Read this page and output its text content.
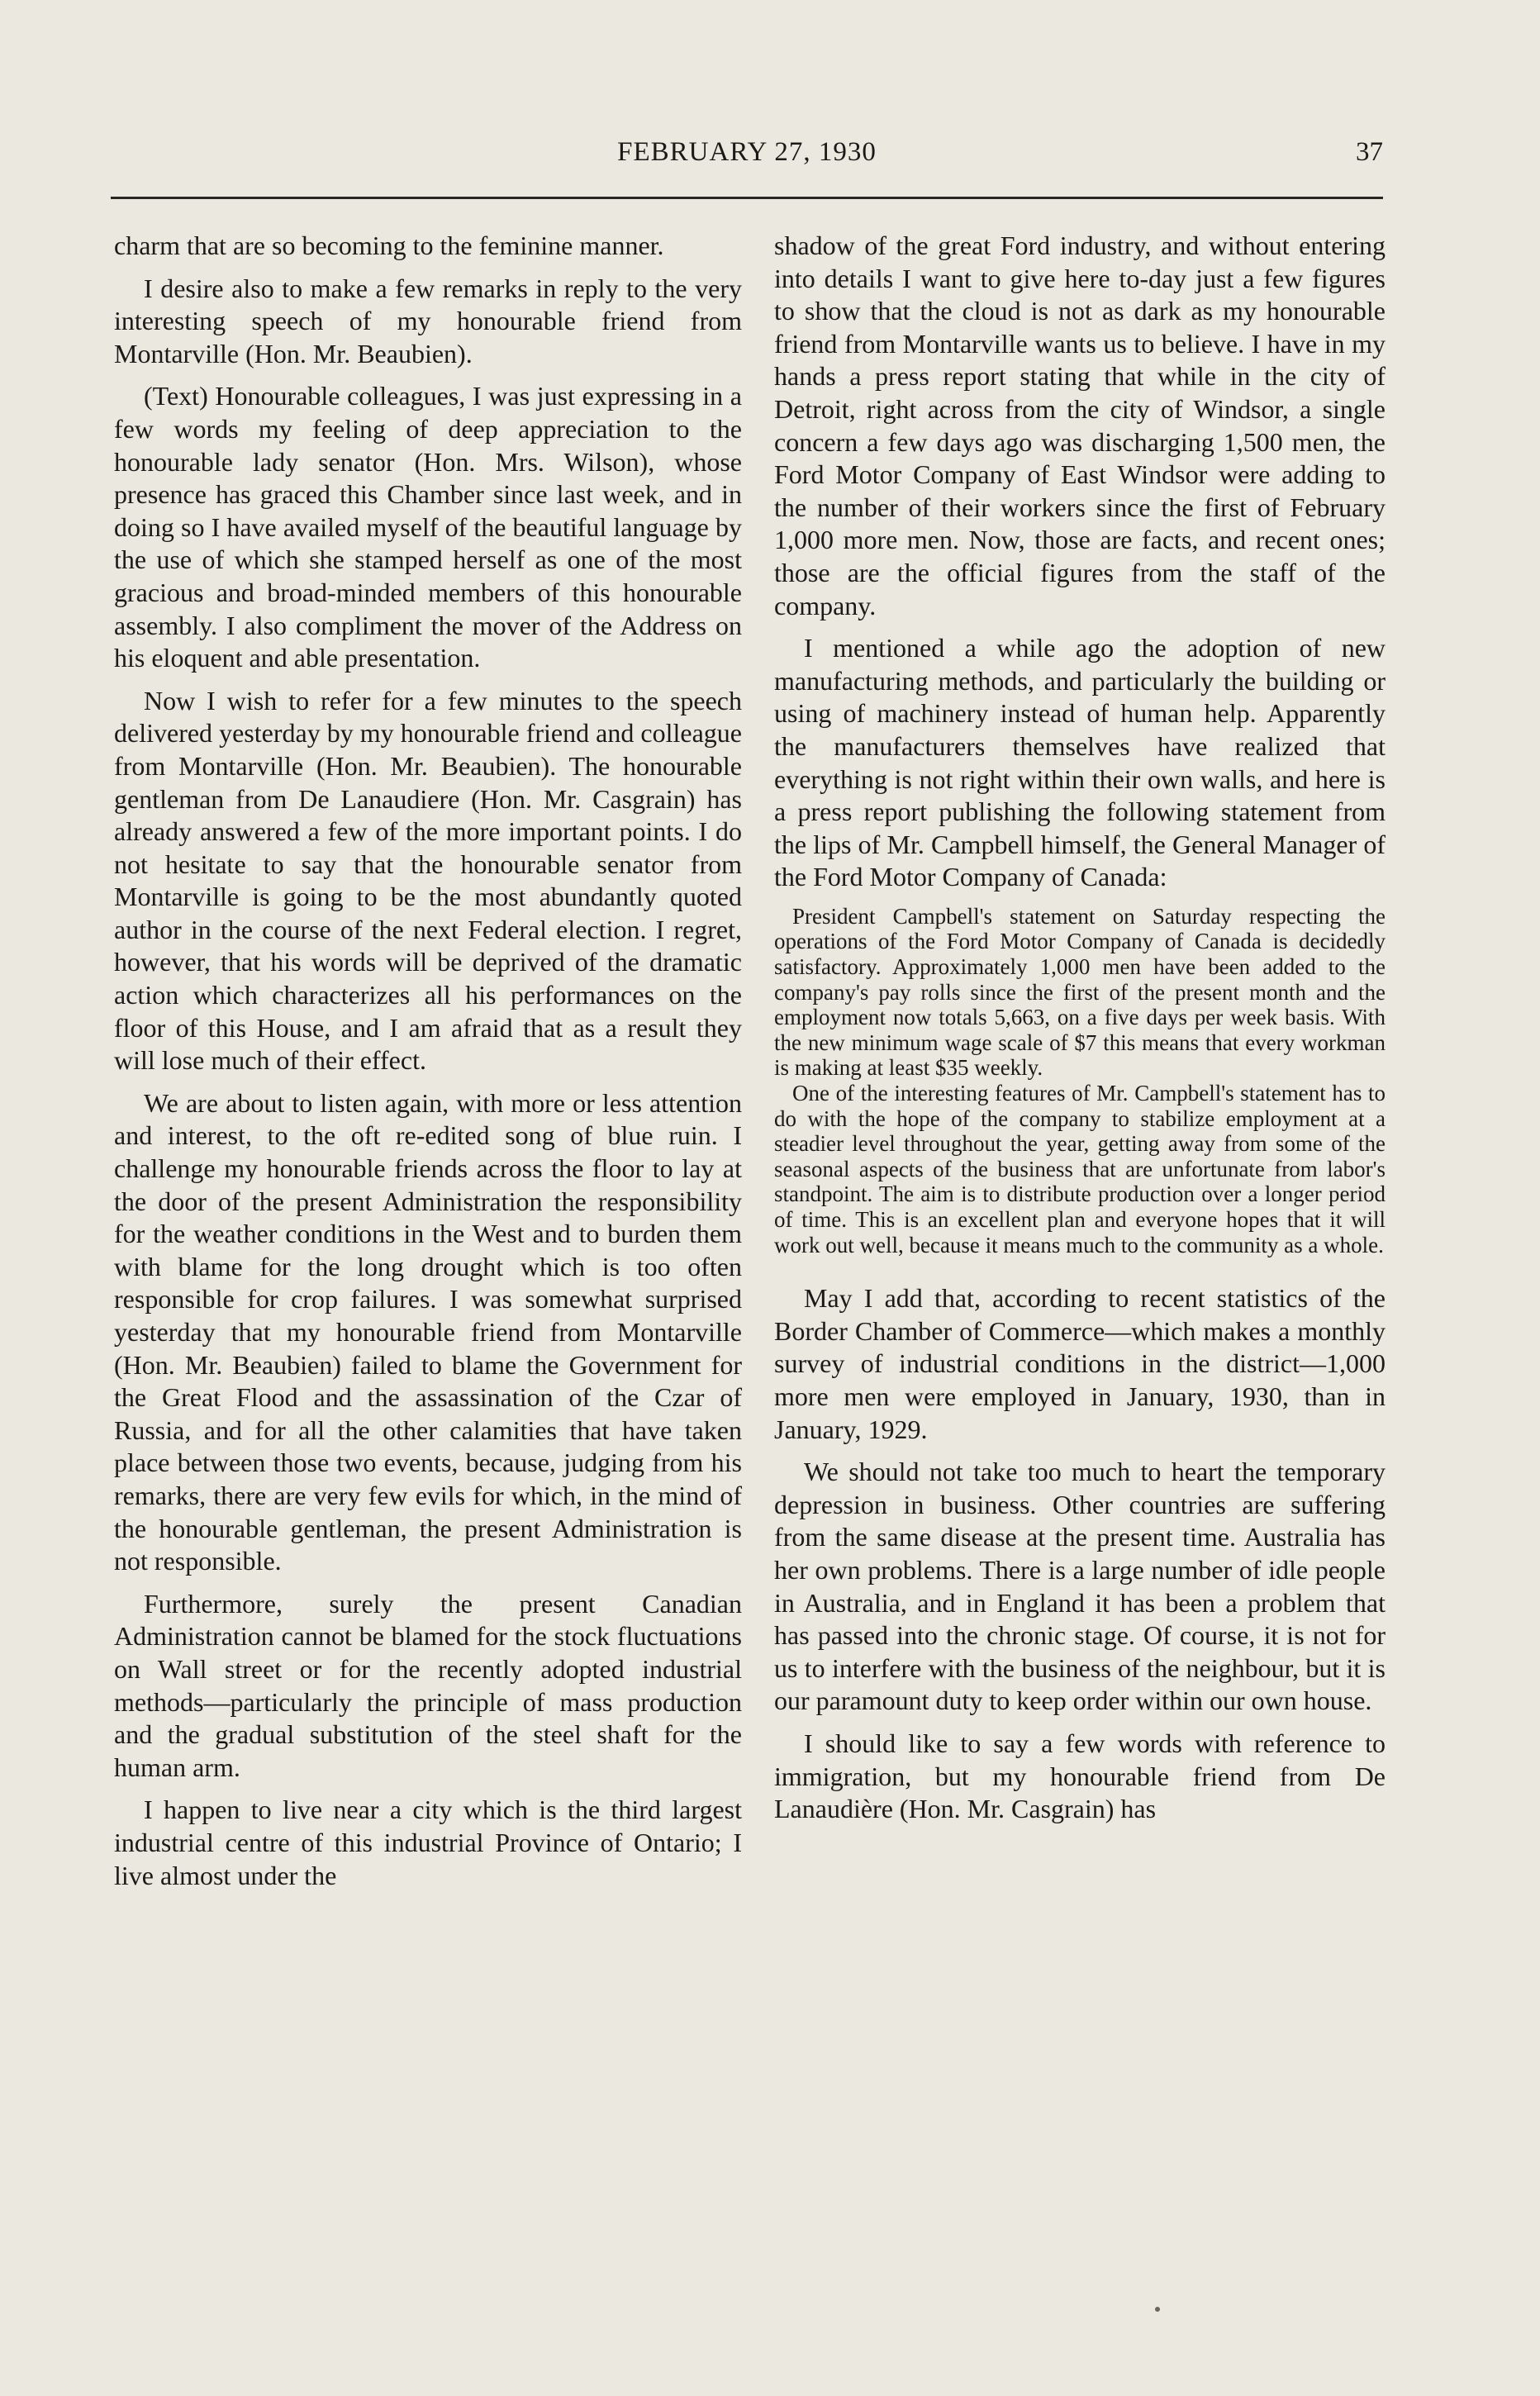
FEBRUARY 27, 1930	37

charm that are so becoming to the feminine manner.

I desire also to make a few remarks in reply to the very interesting speech of my honourable friend from Montarville (Hon. Mr. Beaubien).

(Text) Honourable colleagues, I was just expressing in a few words my feeling of deep appreciation to the honourable lady senator (Hon. Mrs. Wilson), whose presence has graced this Chamber since last week, and in doing so I have availed myself of the beautiful language by the use of which she stamped herself as one of the most gracious and broad-minded members of this honourable assembly. I also compliment the mover of the Address on his eloquent and able presentation.

Now I wish to refer for a few minutes to the speech delivered yesterday by my honourable friend and colleague from Montarville (Hon. Mr. Beaubien). The honourable gentleman from De Lanaudiere (Hon. Mr. Casgrain) has already answered a few of the more important points. I do not hesitate to say that the honourable senator from Montarville is going to be the most abundantly quoted author in the course of the next Federal election. I regret, however, that his words will be deprived of the dramatic action which characterizes all his performances on the floor of this House, and I am afraid that as a result they will lose much of their effect.

We are about to listen again, with more or less attention and interest, to the oft re-edited song of blue ruin. I challenge my honourable friends across the floor to lay at the door of the present Administration the responsibility for the weather conditions in the West and to burden them with blame for the long drought which is too often responsible for crop failures. I was somewhat surprised yesterday that my honourable friend from Montarville (Hon. Mr. Beaubien) failed to blame the Government for the Great Flood and the assassination of the Czar of Russia, and for all the other calamities that have taken place between those two events, because, judging from his remarks, there are very few evils for which, in the mind of the honourable gentleman, the present Administration is not responsible.

Furthermore, surely the present Canadian Administration cannot be blamed for the stock fluctuations on Wall street or for the recently adopted industrial methods—particularly the principle of mass production and the gradual substitution of the steel shaft for the human arm.

I happen to live near a city which is the third largest industrial centre of this industrial Province of Ontario; I live almost under the

shadow of the great Ford industry, and without entering into details I want to give here to-day just a few figures to show that the cloud is not as dark as my honourable friend from Montarville wants us to believe. I have in my hands a press report stating that while in the city of Detroit, right across from the city of Windsor, a single concern a few days ago was discharging 1,500 men, the Ford Motor Company of East Windsor were adding to the number of their workers since the first of February 1,000 more men. Now, those are facts, and recent ones; those are the official figures from the staff of the company.

I mentioned a while ago the adoption of new manufacturing methods, and particularly the building or using of machinery instead of human help. Apparently the manufacturers themselves have realized that everything is not right within their own walls, and here is a press report publishing the following statement from the lips of Mr. Campbell himself, the General Manager of the Ford Motor Company of Canada:

President Campbell's statement on Saturday respecting the operations of the Ford Motor Company of Canada is decidedly satisfactory. Approximately 1,000 men have been added to the company's pay rolls since the first of the present month and the employment now totals 5,663, on a five days per week basis. With the new minimum wage scale of $7 this means that every workman is making at least $35 weekly.

One of the interesting features of Mr. Campbell's statement has to do with the hope of the company to stabilize employment at a steadier level throughout the year, getting away from some of the seasonal aspects of the business that are unfortunate from labor's standpoint. The aim is to distribute production over a longer period of time. This is an excellent plan and everyone hopes that it will work out well, because it means much to the community as a whole.

May I add that, according to recent statistics of the Border Chamber of Commerce—which makes a monthly survey of industrial conditions in the district—1,000 more men were employed in January, 1930, than in January, 1929.

We should not take too much to heart the temporary depression in business. Other countries are suffering from the same disease at the present time. Australia has her own problems. There is a large number of idle people in Australia, and in England it has been a problem that has passed into the chronic stage. Of course, it is not for us to interfere with the business of the neighbour, but it is our paramount duty to keep order within our own house.

I should like to say a few words with reference to immigration, but my honourable friend from De Lanaudière (Hon. Mr. Casgrain) has
